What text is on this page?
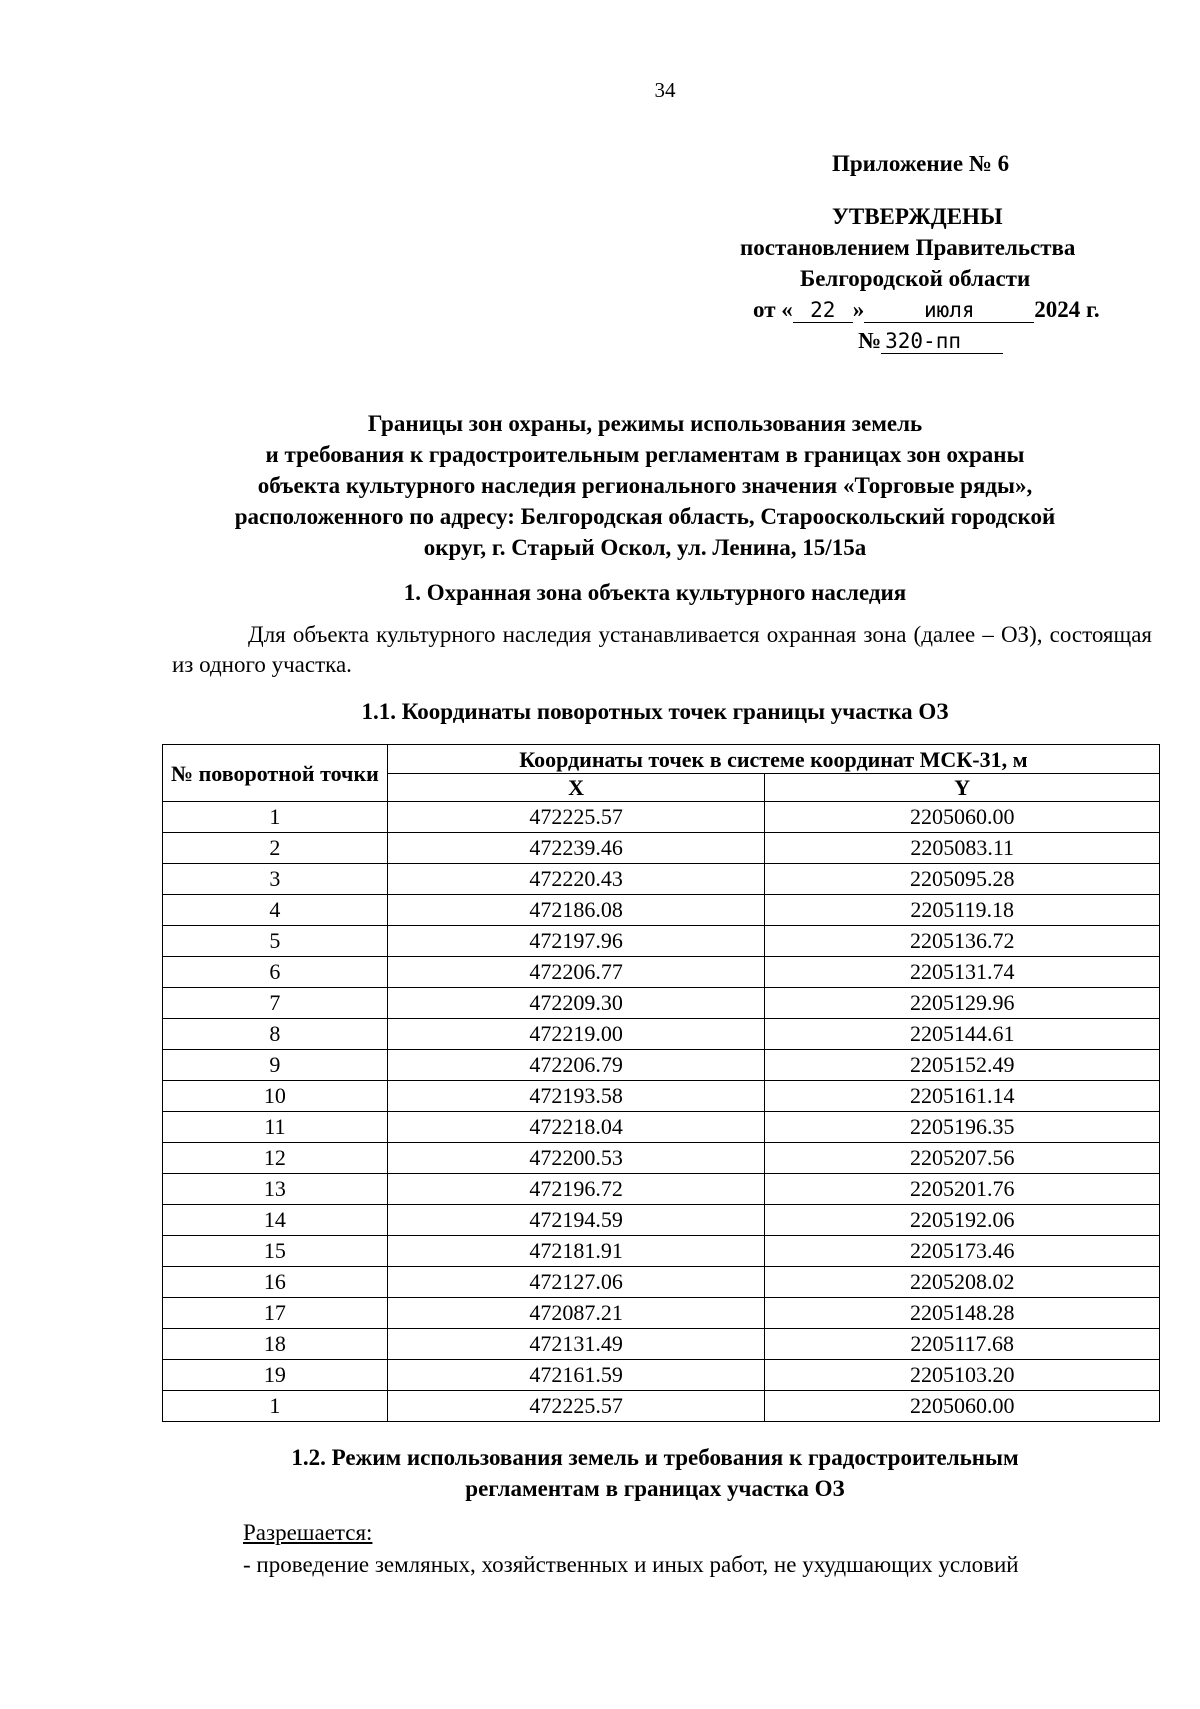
34
Приложение № 6
УТВЕРЖДЕНЫ
постановлением Правительства
Белгородской области
от « 22 »	июля	2024 г.
№ 320-пп
Границы зон охраны, режимы использования земель
и требования к градостроительным регламентам в границах зон охраны
объекта культурного наследия регионального значения «Торговые ряды»,
расположенного по адресу: Белгородская область, Старооскольский городской
округ, г. Старый Оскол, ул. Ленина, 15/15а
1. Охранная зона объекта культурного наследия
Для объекта культурного наследия устанавливается охранная зона (далее – ОЗ), состоящая из одного участка.
1.1. Координаты поворотных точек границы участка ОЗ
№ поворотной точки	Координаты точек в системе координат МСК-31, м	
	X	Y
1	472225.57	2205060.00
2	472239.46	2205083.11
3	472220.43	2205095.28
4	472186.08	2205119.18
5	472197.96	2205136.72
6	472206.77	2205131.74
7	472209.30	2205129.96
8	472219.00	2205144.61
9	472206.79	2205152.49
10	472193.58	2205161.14
11	472218.04	2205196.35
12	472200.53	2205207.56
13	472196.72	2205201.76
14	472194.59	2205192.06
15	472181.91	2205173.46
16	472127.06	2205208.02
17	472087.21	2205148.28
18	472131.49	2205117.68
19	472161.59	2205103.20
1	472225.57	2205060.00
1.2. Режим использования земель и требования к градостроительным
регламентам в границах участка ОЗ
Разрешается:
- проведение земляных, хозяйственных и иных работ, не ухудшающих условий
